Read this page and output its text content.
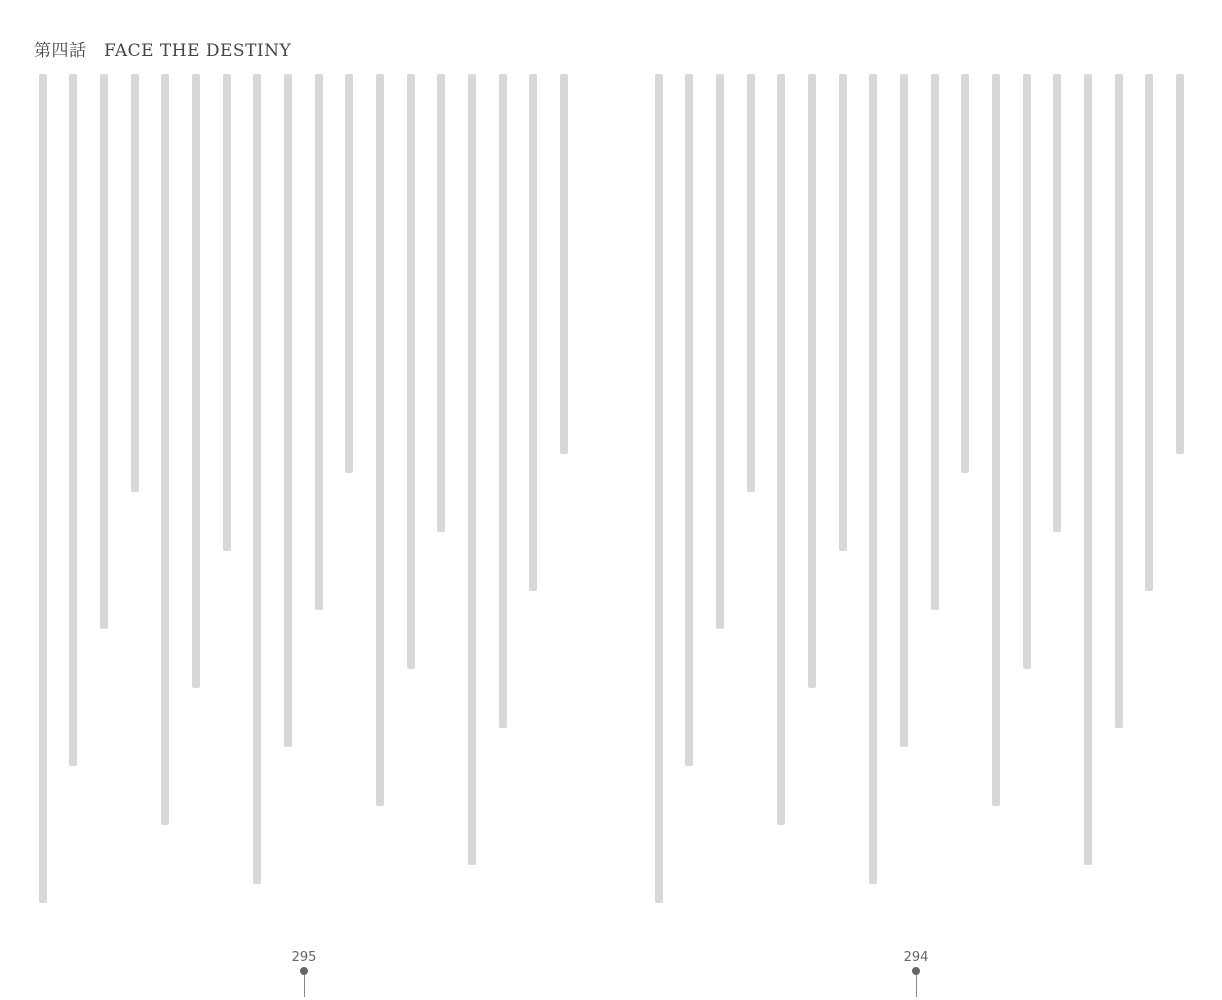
第四話　FACE THE DESTINY
295	294
